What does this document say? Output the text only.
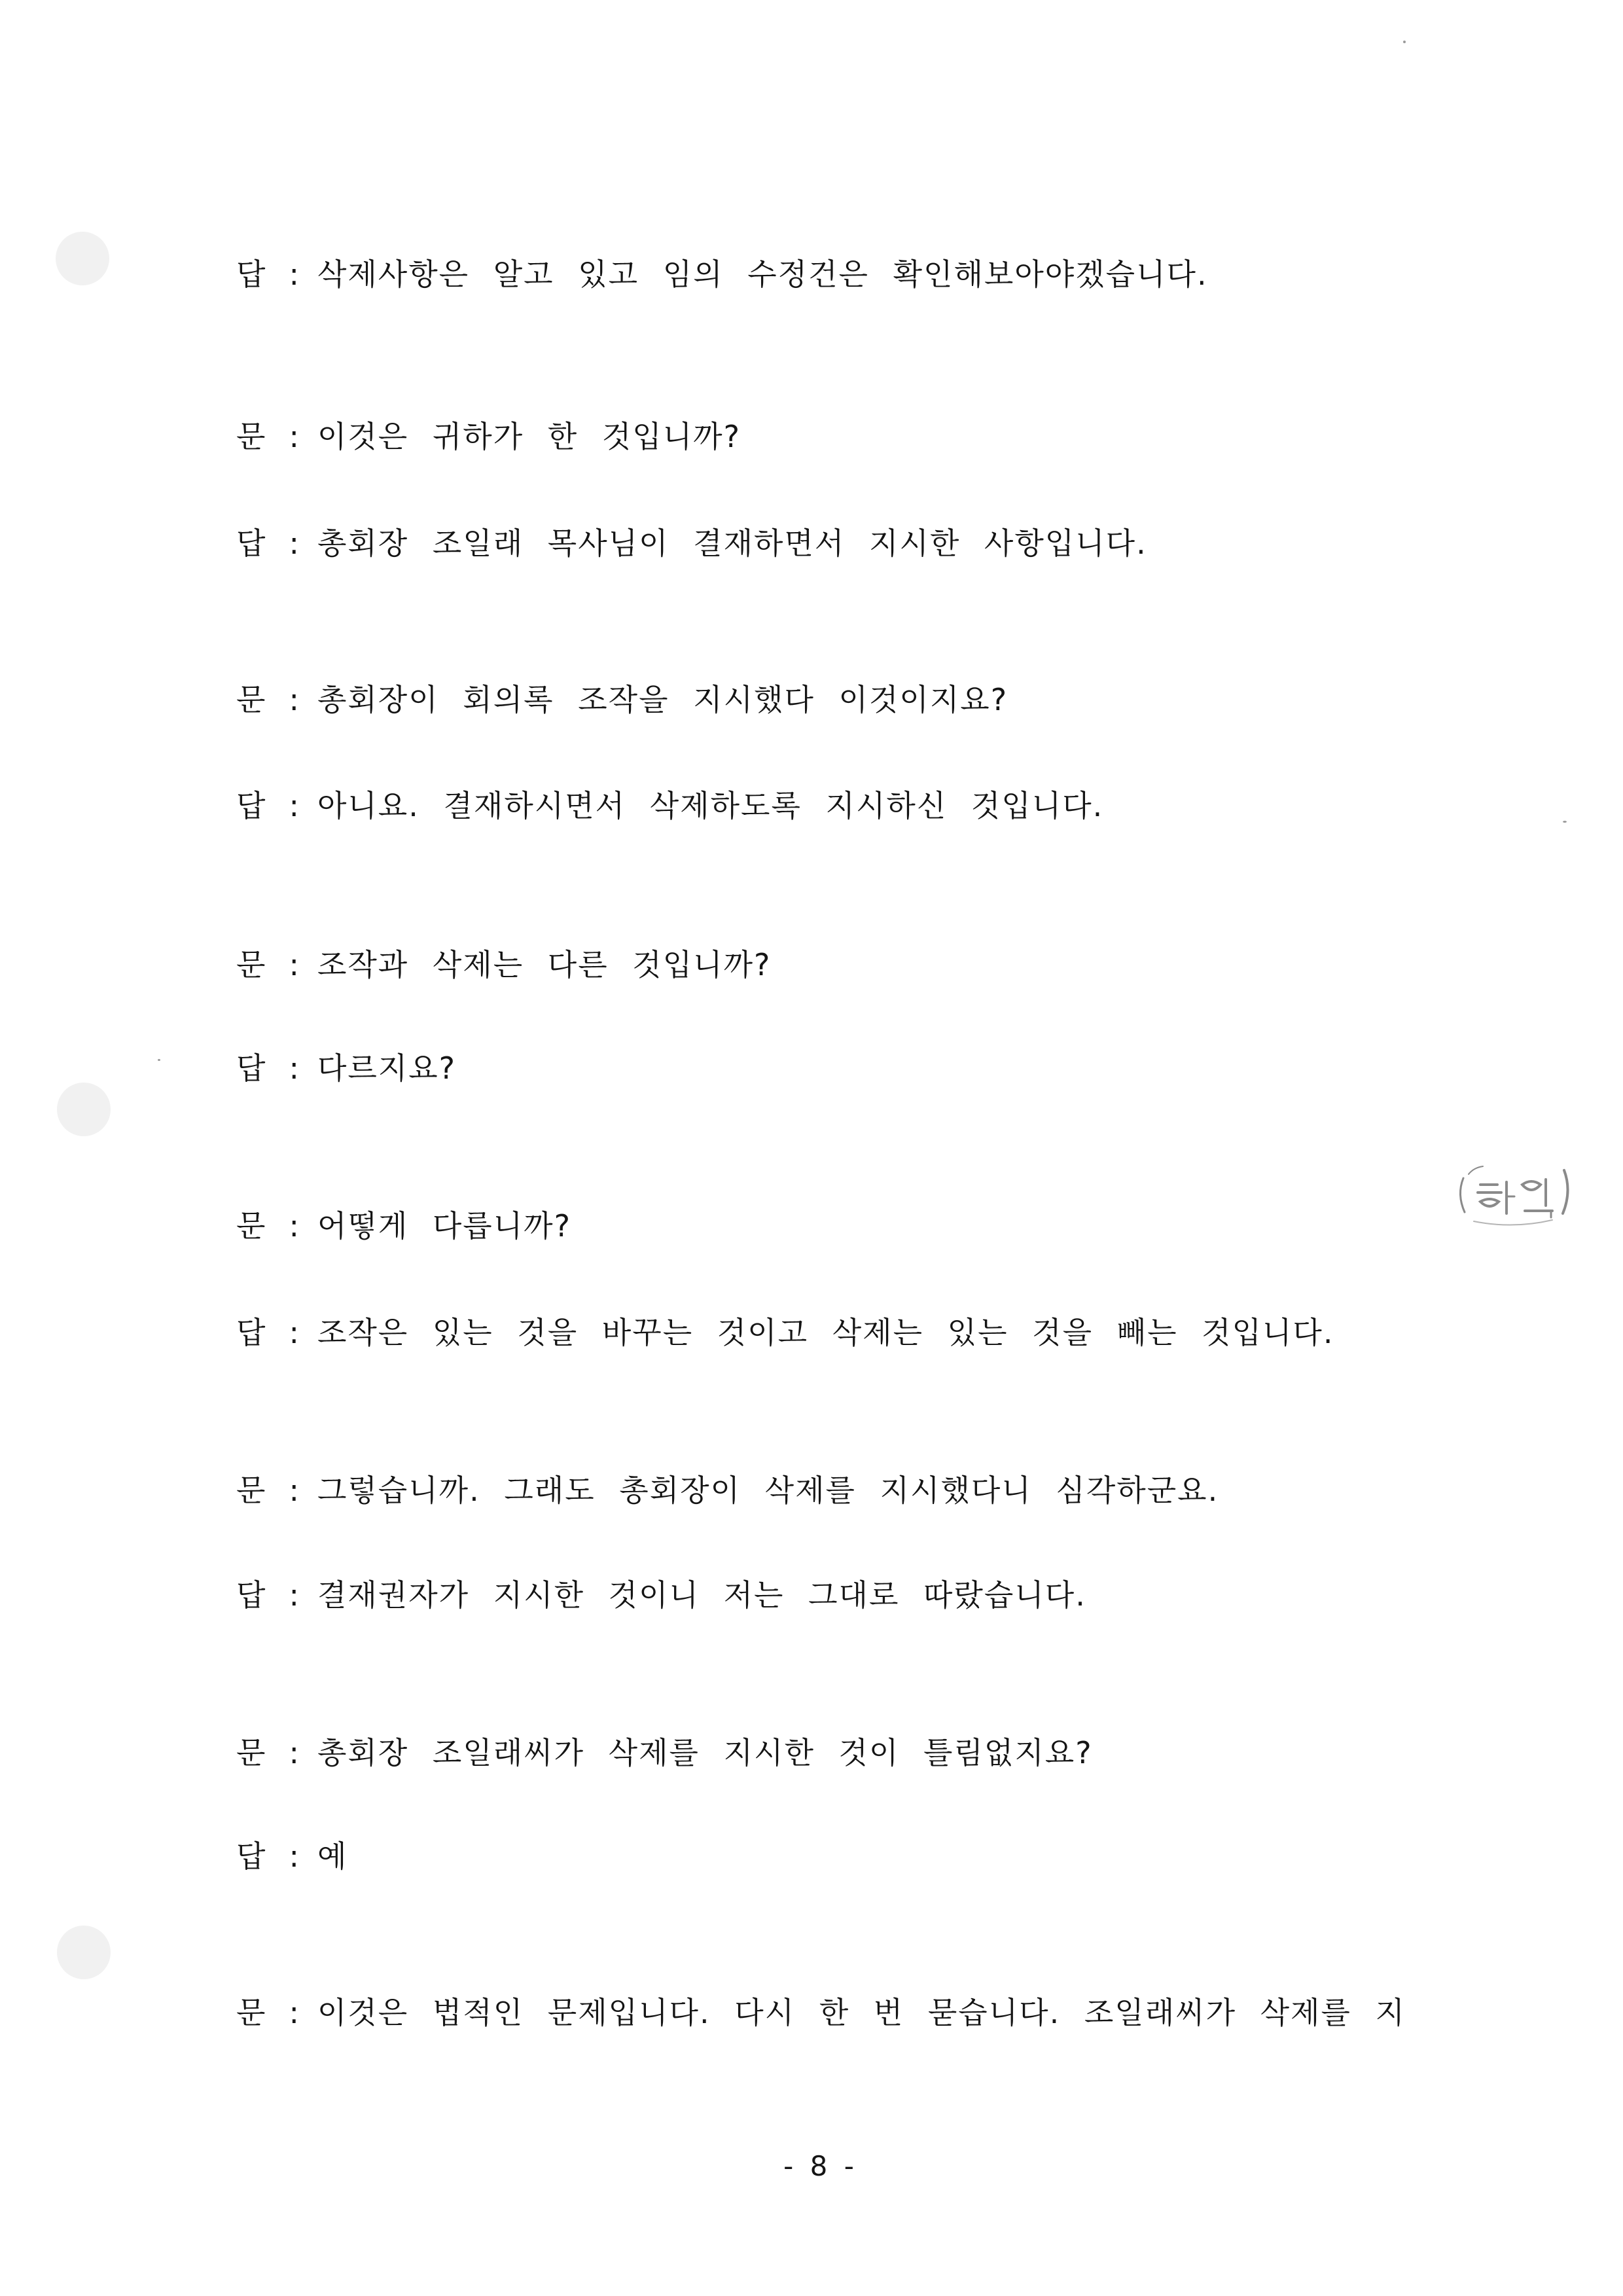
답 : 삭제사항은 알고 있고 임의 수정건은 확인해보아야겠습니다.
문 : 이것은 귀하가 한 것입니까?
답 : 총회장 조일래 목사님이 결재하면서 지시한 사항입니다.
문 : 총회장이 회의록 조작을 지시했다 이것이지요?
답 : 아니요. 결재하시면서 삭제하도록 지시하신 것입니다.
문 : 조작과 삭제는 다른 것입니까?
답 : 다르지요?
문 : 어떻게 다릅니까?
답 : 조작은 있는 것을 바꾸는 것이고 삭제는 있는 것을 빼는 것입니다.
문 : 그렇습니까. 그래도 총회장이 삭제를 지시했다니 심각하군요.
답 : 결재권자가 지시한 것이니 저는 그대로 따랐습니다.
문 : 총회장 조일래씨가 삭제를 지시한 것이 틀림없지요?
답 : 예
문 : 이것은 법적인 문제입니다. 다시 한 번 묻습니다. 조일래씨가 삭제를 지
- 8 -
